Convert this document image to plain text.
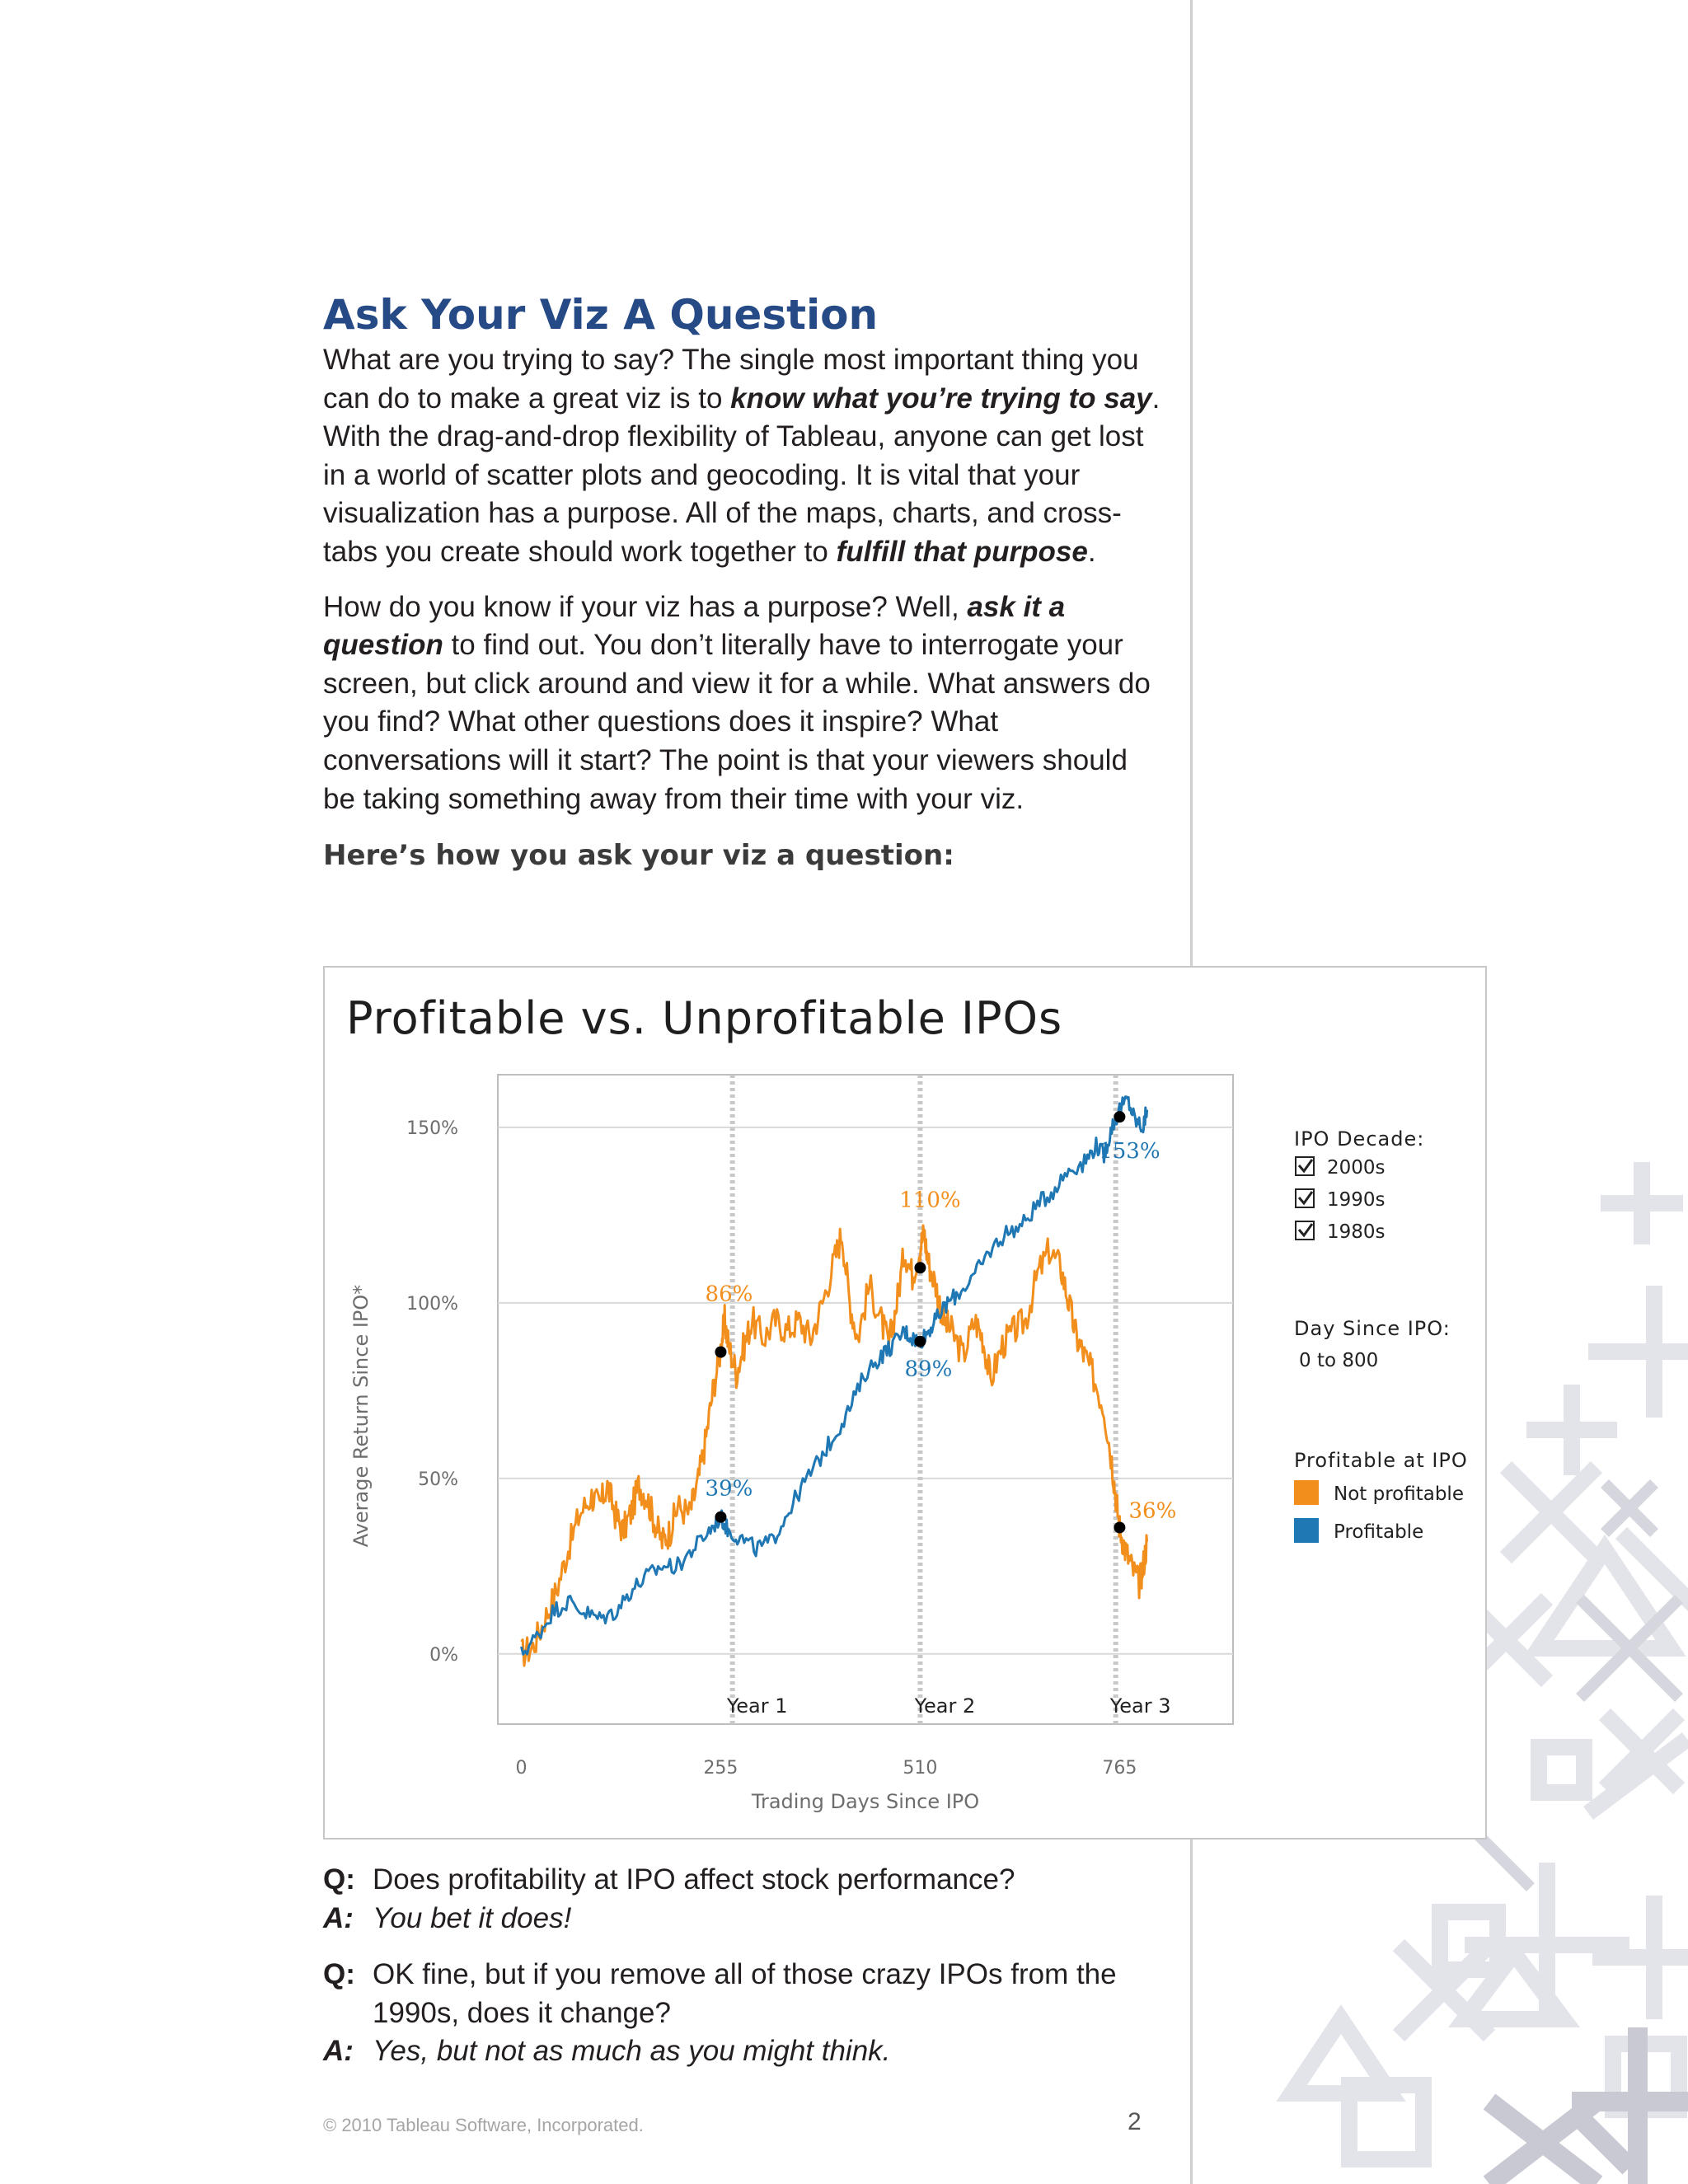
Ask Your Viz A Question

What are you trying to say? The single most important thing you can do to make a great viz is to know what you’re trying to say. With the drag-and-drop flexibility of Tableau, anyone can get lost in a world of scatter plots and geocoding. It is vital that your visualization has a purpose. All of the maps, charts, and cross-tabs you create should work together to fulfill that purpose.

How do you know if your viz has a purpose? Well, ask it a question to find out. You don’t literally have to interrogate your screen, but click around and view it for a while. What answers do you find? What other questions does it inspire? What conversations will it start? The point is that your viewers should be taking something away from their time with your viz.

Here’s how you ask your viz a question:
Profitable vs. Unprofitable IPOs
0%
50%
100%
150%
Year 1	Year 2	Year 3
0	255	510	765
Trading Days Since IPO
Average Return Since IPO*	86%
110%
36%
39%
89%
153%
IPO Decade:
2000s
1990s
1980s
Day Since IPO:
0 to 800
Profitable at IPO
Not profitable
Profitable
Q: Does profitability at IPO affect stock performance?
A: You bet it does!
Q: OK fine, but if you remove all of those crazy IPOs from the 1990s, does it change?
A: Yes, but not as much as you might think.
© 2010 Tableau Software, Incorporated.	2
